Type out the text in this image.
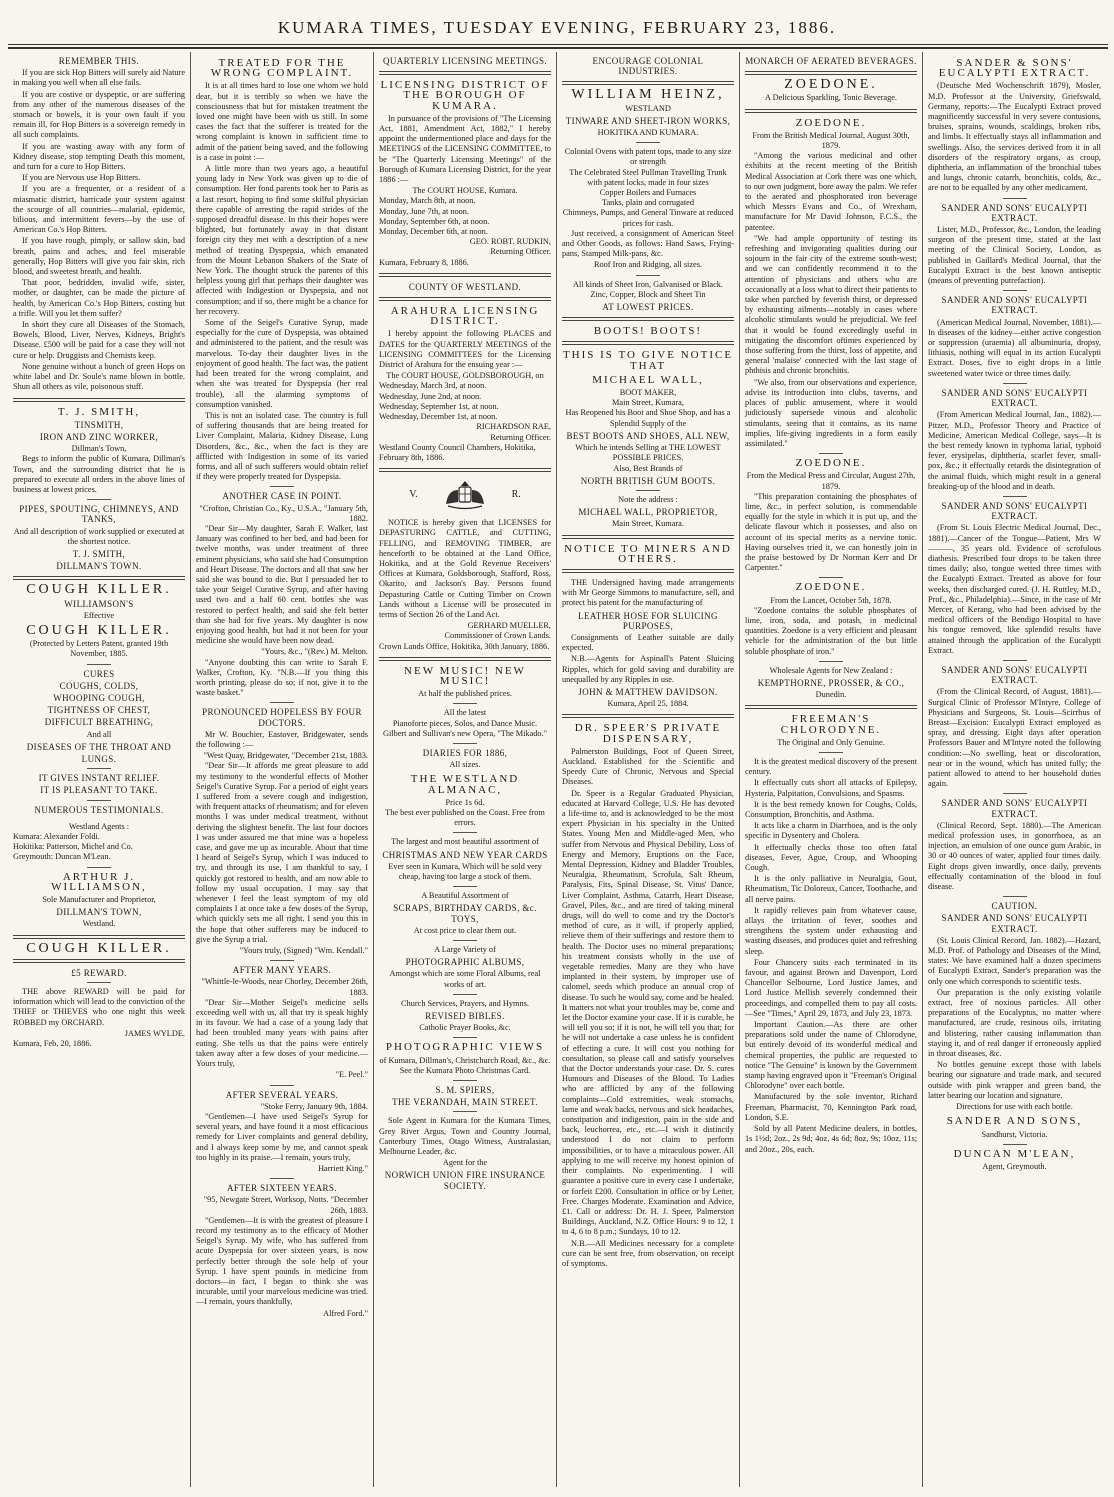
KUMARA TIMES, TUESDAY EVENING, FEBRUARY 23, 1886.
REMEMBER THIS.

If you are sick Hop Bitters will surely aid Nature in making you well when all else fails.

If you are costive or dyspeptic, or are suffering from any other of the numerous diseases of the stomach or bowels, it is your own fault if you remain ill, for Hop Bitters is a sovereign remedy in all such complaints.

If you are wasting away with any form of Kidney disease, stop tempting Death this moment, and turn for a cure to Hop Bitters.

If you are Nervous use Hop Bitters.

If you are a frequenter, or a resident of a miasmatic district, barricade your system against the scourge of all countries—malarial, epidemic, bilious, and intermittent fevers—by the use of American Co.'s Hop Bitters.

If you have rough, pimply, or sallow skin, bad breath, pains and aches, and feel miserable generally, Hop Bitters will give you fair skin, rich blood, and sweetest breath, and health.

That poor, bedridden, invalid wife, sister, mother, or daughter, can be made the picture of health, by American Co.'s Hop Bitters, costing but a trifle. Will you let them suffer?

In short they cure all Diseases of the Stomach, Bowels, Blood, Liver, Nerves, Kidneys, Bright's Disease. £500 will be paid for a case they will not cure or help. Druggists and Chemists keep.

None genuine without a bunch of green Hops on white label and Dr. Soule's name blown in bottle. Shun all others as vile, poisonous stuff.

T. J. SMITH,
TINSMITH,
IRON AND ZINC WORKER,
Dillman's Town,

Begs to inform the public of Kumara, Dillman's Town, and the surrounding district that he is prepared to execute all orders in the above lines of business at lowest prices.

PIPES, SPOUTING, CHIMNEYS, AND TANKS,
And all description of work supplied or executed at the shortest notice.
T. J. SMITH,
DILLMAN'S TOWN.
COUGH KILLER.
WILLIAMSON'S
Effective
COUGH KILLER.
(Protected by Letters Patent, granted 19th November, 1885.
CURES
COUGHS, COLDS,
WHOOPING COUGH,
TIGHTNESS OF CHEST,
DIFFICULT BREATHING,
And all
DISEASES OF THE THROAT AND
LUNGS.
IT GIVES INSTANT RELIEF.
IT IS PLEASANT TO TAKE.
NUMEROUS TESTIMONIALS.
Westland Agents :
Kumara: Alexander Foldi.
Hokitika: Patterson, Michel and Co.
Greymouth: Duncan M'Lean.
ARTHUR J. WILLIAMSON,
Sole Manufacturer and Proprietor,
DILLMAN'S TOWN,
Westland.
COUGH KILLER.
£5 REWARD.

THE above REWARD will be paid for information which will lead to the conviction of the THIEF or THIEVES who one night this week ROBBED my ORCHARD.

JAMES WYLDE.
Kumara, Feb. 20, 1886.
TREATED FOR THE WRONG COMPLAINT.

It is at all times hard to lose one whom we hold dear, but it is terribly so when we have the consciousness that but for mistaken treatment the loved one might have been with us still. In some cases the fact that the sufferer is treated for the wrong complaint is known in sufficient time to admit of the patient being saved, and the following is a case in point :—

A little more than two years ago, a beautiful young lady in New York was given up to die of consumption. Her fond parents took her to Paris as a last resort, hoping to find some skilful physician there capable of arresting the rapid strides of the supposed dreadful disease. In this their hopes were blighted, but fortunately away in that distant foreign city they met with a description of a new method of treating Dyspepsia, which emanated from the Mount Lebanon Shakers of the State of New York. The thought struck the parents of this helpless young girl that perhaps their daughter was affected with Indigestion or Dyspepsia, and not consumption; and if so, there might be a chance for her recovery.

Some of the Seigel's Curative Syrup, made especially for the cure of Dyspepsia, was obtained and administered to the patient, and the result was marvelous. To-day their daughter lives in the enjoyment of good health. The fact was, the patient had been treated for the wrong complaint, and when she was treated for Dyspepsia (her real trouble), all the alarming symptoms of consumption vanished.

This is not an isolated case. The country is full of suffering thousands that are being treated for Liver Complaint, Malaria, Kidney Disease, Lung Disorders, &c., &c., when the fact is they are afflicted with Indigestion in some of its varied forms, and all of such sufferers would obtain relief if they were properly treated for Dyspepsia.

ANOTHER CASE IN POINT.
"Crofton, Christian Co., Ky., U.S.A., "January 5th, 1882.

"Dear Sir—My daughter, Sarah F. Walker, last January was confined to her bed, and had been for twelve months, was under treatment of three eminent physicians, who said she had Consumption and Heart Disease. The doctors and all that saw her said she was bound to die. But I persuaded her to take your Seigel Curative Syrup, and after having used two and a half 60 cent. bottles she was restored to perfect health, and said she felt better than she had for five years. My daughter is now enjoying good health, but had it not been for your medicine she would have been now dead.

"Yours, &c., "(Rev.) M. Melton.

"Anyone doubting this can write to Sarah F. Walker, Crofton, Ky. "N.B.—If you thing this worth printing, please do so; if not, give it to the waste basket."

PRONOUNCED HOPELESS BY FOUR DOCTORS.

Mr W. Bouchier, Eastover, Bridgewater, sends the following :—

"West Quay, Bridgewater, "December 21st, 1883.

"Dear Sir—It affords me great pleasure to add my testimony to the wonderful effects of Mother Seigel's Curative Syrup. For a period of eight years I suffered from a severe cough and indigestion, with frequent attacks of rheumatism; and for eleven months I was under medical treatment, without deriving the slightest benefit. The last four doctors I was under assured me that mine was a hopeless case, and gave me up as incurable. About that time I heard of Seigel's Syrup, which I was induced to try, and through its use, I am thankful to say, I quickly got restored to health, and am now able to follow my usual occupation. I may say that whenever I feel the least symptom of my old complaints I at once take a few doses of the Syrup, which quickly sets me all right. I send you this in the hope that other sufferers may be induced to give the Syrup a trial.

"Yours truly, (Signed) "Wm. Kendall."
AFTER MANY YEARS.
"Whittle-le-Woods, near Chorley, December 26th, 1883.

"Dear Sir—Mother Seigel's medicine sells exceeding well with us, all that try it speak highly in its favour. We had a case of a young lady that had been troubled many years with pains after eating. She tells us that the pains were entirely taken away after a few doses of your medicine.—Yours truly,

"E. Peel."
AFTER SEVERAL YEARS.
"Stoke Ferry, January 9th, 1884.

"Gentlemen—I have used Seigel's Syrup for several years, and have found it a most efficacious remedy for Liver complaints and general debility, and I always keep some by me, and cannot speak too highly in its praise.—I remain, yours truly,

Harriett King."
AFTER SIXTEEN YEARS.
"95, Newgate Street, Worksop, Notts. "December 26th, 1883.

"Gentlemen—It is with the greatest of pleasure I record my testimony as to the efficacy of Mother Seigel's Syrup. My wife, who has suffered from acute Dyspepsia for over sixteen years, is now perfectly better through the sole help of your Syrup. I have spent pounds in medicine from doctors—in fact, I began to think she was incurable, until your marvelous medicine was tried.—I remain, yours thankfully,

Alfred Ford."
QUARTERLY LICENSING MEETINGS.
LICENSING DISTRICT OF THE BOROUGH OF KUMARA.

In pursuance of the provisions of "The Licensing Act, 1881, Amendment Act, 1882," I hereby appoint the undermentioned place and days for the MEETINGS of the LICENSING COMMITTEE, to be "The Quarterly Licensing Meetings" of the Borough of Kumara Licensing District, for the year 1886 :—

The COURT HOUSE, Kumara.
Monday, March 8th, at noon.
Monday, June 7th, at noon.
Monday, September 6th, at noon.
Monday, December 6th, at noon.
GEO. ROBT. RUDKIN,
Returning Officer.
Kumara, February 8, 1886.
COUNTY OF WESTLAND.
ARAHURA LICENSING DISTRICT.

I hereby appoint the following PLACES and DATES for the QUARTERLY MEETINGS of the LICENSING COMMITTEES for the Licensing District of Arahura for the ensuing year :—

The COURT HOUSE, GOLDSBOROUGH, on
Wednesday, March 3rd, at noon.
Wednesday, June 2nd, at noon.
Wednesday, September 1st, at noon.
Wednesday, December 1st, at noon.
RICHARDSON RAE,
Returning Officer.
Westland County Council Chambers, Hokitika, February 8th, 1886.
V.	R.

NOTICE is hereby given that LICENSES for DEPASTURING CATTLE, and CUTTING, FELLING, and REMOVING TIMBER, are henceforth to be obtained at the Land Office, Hokitika, and at the Gold Revenue Receivers' Offices at Kumara, Goldsborough, Stafford, Ross, Okarito, and Jackson's Bay. Persons found Depasturing Cattle or Cutting Timber on Crown Lands without a License will be prosecuted in terms of Section 26 of the Land Act.

GERHARD MUELLER,
Commissioner of Crown Lands.
Crown Lands Office, Hokitika, 30th January, 1886.
NEW MUSIC! NEW MUSIC!
At half the published prices.
All the latest
Pianoforte pieces, Solos, and Dance Music.
Gilbert and Sullivan's new Opera, "The Mikado."
DIARIES FOR 1886,
All sizes.
THE WESTLAND ALMANAC,
Price 1s 6d.
The best ever published on the Coast. Free from errors.
The largest and most beautiful assortment of
CHRISTMAS AND NEW YEAR CARDS
Ever seen in Kumara, Which will be sold very cheap, having too large a stock of them.
A Beautiful Assortment of
SCRAPS, BIRTHDAY CARDS, &c. TOYS,
At cost price to clear them out.
A Large Variety of
PHOTOGRAPHIC ALBUMS,
Amongst which are some Floral Albums, real works of art.
Church Services, Prayers, and Hymns.
REVISED BIBLES.
Catholic Prayer Books, &c.
PHOTOGRAPHIC VIEWS
of Kumara, Dillman's, Christchurch Road, &c., &c.
See the Kumara Photo Christmas Card.
S. M. SPIERS,
THE VERANDAH, MAIN STREET.

Sole Agent in Kumara for the Kumara Times, Grey River Argus, Town and Country Journal, Canterbury Times, Otago Witness, Australasian, Melbourne Leader, &c.

Agent for the
NORWICH UNION FIRE INSURANCE SOCIETY.
ENCOURAGE COLONIAL INDUSTRIES.
WILLIAM HEINZ,
WESTLAND
TINWARE AND SHEET-IRON WORKS,
HOKITIKA AND KUMARA.
Colonial Ovens with patent tops, made to any size or strength
The Celebrated Steel Pullman Travelling Trunk with patent locks, made in four sizes
Copper Boilers and Furnaces
Tanks, plain and corrugated
Chimneys, Pumps, and General Tinware at reduced prices for cash.

Just received, a consignment of American Steel and Other Goods, as follows: Hand Saws, Frying-pans, Stamped Milk-pans, &c.

Roof Iron and Ridging, all sizes.
All kinds of Sheet Iron, Galvanised or Black.
Zinc, Copper, Block and Sheet Tin
AT LOWEST PRICES.
BOOTS! BOOTS!
THIS IS TO GIVE NOTICE THAT
MICHAEL WALL,
BOOT MAKER,
Main Street, Kumara,
Has Reopened his Boot and Shoe Shop, and has a Splendid Supply of the
BEST BOOTS AND SHOES, ALL NEW,
Which he intends Selling at THE LOWEST POSSIBLE PRICES.
Also, Best Brands of
NORTH BRITISH GUM BOOTS.
Note the address :
MICHAEL WALL, PROPRIETOR,
Main Street, Kumara.
NOTICE TO MINERS AND OTHERS.

THE Undersigned having made arrangements with Mr George Simmons to manufacture, sell, and protect his patent for the manufacturing of

LEATHER HOSE FOR SLUICING PURPOSES,

Consignments of Leather suitable are daily expected.

N.B.—Agents for Aspinall's Patent Sluicing Ripples, which for gold saving and durability are unequalled by any Ripples in use.

JOHN & MATTHEW DAVIDSON.
Kumara, April 25, 1884.
DR. SPEER'S PRIVATE DISPENSARY,

Palmerston Buildings, Foot of Queen Street, Auckland. Established for the Scientific and Speedy Cure of Chronic, Nervous and Special Diseases.

Dr. Speer is a Regular Graduated Physician, educated at Harvard College, U.S. He has devoted a life-time to, and is acknowledged to be the most expert Physician in his specialty in the United States. Young Men and Middle-aged Men, who suffer from Nervous and Physical Debility, Loss of Energy and Memory, Eruptions on the Face, Mental Depression, Kidney and Bladder Troubles, Neuralgia, Rheumatism, Scrofula, Salt Rheum, Paralysis, Fits, Spinal Disease, St. Vitus' Dance, Liver Complaint, Asthma, Catarrh, Heart Disease, Gravel, Piles, &c., and are tired of taking mineral drugs, will do well to come and try the Doctor's method of cure, as it will, if properly applied, relieve them of their sufferings and restore them to health. The Doctor uses no mineral preparations; his treatment consists wholly in the use of vegetable remedies. Many are they who have implanted in their system, by improper use of calomel, seeds which produce an annual crop of disease. To such he would say, come and be healed. It matters not what your troubles may be, come and let the Doctor examine your case. If it is curable, he will tell you so; if it is not, he will tell you that; for he will not undertake a case unless he is confident of effecting a cure. It will cost you nothing for consultation, so please call and satisfy yourselves that the Doctor understands your case. Dr. S. cures Humours and Diseases of the Blood. To Ladies who are afflicted by any of the following complaints—Cold extremities, weak stomachs, lame and weak backs, nervous and sick headaches, constipation and indigestion, pain in the side and back, leuchorrea, etc., etc.—I wish it distinctly understood I do not claim to perform impossibilities, or to have a miraculous power. All applying to me will receive my honest opinion of their complaints. No experimenting. I will guarantee a positive cure in every case I undertake, or forfeit £200. Consultation in office or by Letter, Free. Charges Moderate. Examination and Advice, £1. Call or address: Dr. H. J. Speer, Palmerston Buildings, Auckland, N.Z. Office Hours: 9 to 12, 1 to 4, 6 to 8 p.m.; Sundays, 10 to 12.

N.B.—All Medicines necessary for a complete cure can be sent free, from observation, on receipt of symptoms.

MONARCH OF AERATED BEVERAGES.
ZOEDONE.
A Delicious Sparkling, Tonic Beverage.
ZOEDONE.
From the British Medical Journal, August 30th, 1879.

"Among the various medicinal and other exhibits at the recent meeting of the British Medical Association at Cork there was one which, to our own judgment, bore away the palm. We refer to the aerated and phosphorated iron beverage which Messrs Evans and Co., of Wrexham, manufacture for Mr David Johnson, F.C.S., the patentee.

"We had ample opportunity of testing its refreshing and invigorating qualities during our sojourn in the fair city of the extreme south-west; and we can confidently recommend it to the attention of physicians and others who are occasionally at a loss what to direct their patients to take when parched by feverish thirst, or depressed by exhausting ailments—notably in cases where alcoholic stimulants would be prejudicial. We feel that it would be found exceedingly useful in mitigating the discomfort oftimes experienced by those suffering from the thirst, loss of appetite, and general 'malaise' connected with the last stage of phthisis and chronic bronchitis.

"We also, from our observations and experience, advise its introduction into clubs, taverns, and places of public amusement, where it would judiciously supersede vinous and alcoholic stimulants, seeing that it contains, as its name implies, life-giving ingredients in a form easily assimilated."

ZOEDONE.
From the Medical Press and Circular, August 27th, 1879.

"This preparation containing the phosphates of lime, &c., in perfect solution, is commendable equally for the style in which it is put up, and the delicate flavour which it possesses, and also on account of its special merits as a nervine tonic. Having ourselves tried it, we can honestly join in the praise bestowed by Dr Norman Kerr and Dr Carpenter."

ZOEDONE.
From the Lancet, October 5th, 1878.

"Zoedone contains the soluble phosphates of lime, iron, soda, and potash, in medicinal quantities. Zoedone is a very efficient and pleasant vehicle for the administration of the but little soluble phosphate of iron."

Wholesale Agents for New Zealand :
KEMPTHORNE, PROSSER, & CO.,
Dunedin.
FREEMAN'S CHLORODYNE.
The Original and Only Genuine.

It is the greatest medical discovery of the present century.

It effectually cuts short all attacks of Epilepsy, Hysteria, Palpitation, Convulsions, and Spasms.

It is the best remedy known for Coughs, Colds, Consumption, Bronchitis, and Asthma.

It acts like a charm in Diarrhoea, and is the only specific in Dysentery and Cholera.

It effectually checks those too often fatal diseases, Fever, Ague, Croup, and Whooping Cough.

It is the only palliative in Neuralgia, Gout, Rheumatism, Tic Doloreux, Cancer, Toothache, and all nerve pains.

It rapidly relieves pain from whatever cause, allays the irritation of fever, soothes and strengthens the system under exhausting and wasting diseases, and produces quiet and refreshing sleep.

Four Chancery suits each terminated in its favour, and against Brown and Davenport, Lord Chancellor Selbourne, Lord Justice James, and Lord Justice Mellish severely condemned their proceedings, and compelled them to pay all costs.—See "Times," April 29, 1873, and July 23, 1873.

Important Caution.—As there are other preparations sold under the name of Chlorodyne, but entirely devoid of its wonderful medical and chemical properties, the public are requested to notice "The Genuine" is known by the Government stamp having engraved upon it "Freeman's Original Chlorodyne" over each bottle.

Manufactured by the sole inventor, Richard Freeman, Pharmacist, 70, Kennington Park road, London, S.E.

Sold by all Patent Medicine dealers, in bottles, 1s 1½d; 2oz., 2s 9d; 4oz, 4s 6d; 8oz, 9s; 10oz, 11s; and 20oz., 20s, each.

SANDER & SONS' EUCALYPTI EXTRACT.

(Deutsche Med Wochenschrift 1879), Mosler, M.D. Professor at the University, Griefswald, Germany, reports:—The Eucalypti Extract proved magnificently successful in very severe contusions, bruises, sprains, wounds, scaldings, broken ribs, and limbs. It effectually stays all inflammation and swellings. Also, the services derived from it in all disorders of the respiratory organs, as croup, diphtheria, an inflammation of the bronchial tubes and lungs, chronic catarrh, bronchitis, colds, &c., are not to be equalled by any other medicament.

SANDER AND SONS' EUCALYPTI EXTRACT.

Lister, M.D., Professor, &c., London, the leading surgeon of the present time, stated at the last meeting of the Clinical Society, London, as published in Gaillard's Medical Journal, that the Eucalypti Extract is the best known antiseptic (means of preventing putrefaction).

SANDER AND SONS' EUCALYPTI EXTRACT.

(American Medical Journal, November, 1881).—In diseases of the kidney—either active congestion or suppression (uraemia) all albuminuria, dropsy, lithiasis, nothing will equal in its action Eucalypti Extract. Doses, five to eight drops in a little sweetened water twice or three times daily.

SANDER AND SONS' EUCALYPTI EXTRACT.

(From American Medical Journal, Jan., 1882).—Pitzer, M.D., Professor Theory and Practice of Medicine, American Medical College, says—It is the best remedy known in typhoma larial, typhoid fever, erysipelas, diphtheria, scarlet fever, small-pox, &c.; it effectually retards the disintegration of the animal fluids, which might result in a general breaking-up of the blood and in death.

SANDER AND SONS' EUCALYPTI EXTRACT.

(From St. Louis Electric Medical Journal, Dec., 1881).—Cancer of the Tongue—Patient, Mrs W———, 35 years old. Evidence of scrofulous diathesis. Prescribed four drops to be taken three times daily; also, tongue wetted three times with the Eucalypti Extract. Treated as above for four weeks, then discharged cured. (J. H. Ruttley, M.D., Prof., &c., Philadelphia).—Since, in the case of Mr Mercer, of Kerang, who had been advised by the medical officers of the Bendigo Hospital to have his tongue removed, like splendid results have attained through the application of the Eucalypti Extract.

SANDER AND SONS' EUCALYPTI EXTRACT.

(From the Clinical Record, of August, 1881).—Surgical Clinic of Professor M'Intyre, College of Physicians and Surgeons, St. Louis—Scirrhus of Breast—Excision: Eucalypti Extract employed as spray, and dressing. Eight days after operation Professors Bauer and M'Intyre noted the following condition:—No swelling, heat or discoloration, near or in the wound, which has united fully; the patient allowed to attend to her household duties again.

SANDER AND SONS' EUCALYPTI EXTRACT.

(Clinical Record, Sept. 1880).—The American medical profession uses, in gonorrhoea, as an injection, an emulsion of one ounce gum Arabic, in 30 or 40 ounces of water, applied four times daily. Eight drops given inwardly, once daily, prevents effectually contamination of the blood in foul disease.

CAUTION.
SANDER AND SONS' EUCALYPTI EXTRACT.

(St. Louis Clinical Record, Jan. 1882).—Hazard, M.D. Prof. of Pathology and Diseases of the Mind, states: We have examined half a dozen specimens of Eucalypti Extract, Sander's preparation was the only one which corresponds to scientific tests.

Our preparation is the only existing volatile extract, free of noxious particles. All other preparations of the Eucalyptus, no matter where manufactured, are crude, resinous oils, irritating and blistering, rather causing inflammation than staying it, and of real danger if erroneously applied in throat diseases, &c.

No bottles genuine except those with labels bearing our signature and trade mark, and secured outside with pink wrapper and green band, the latter bearing our location and signature.

Directions for use with each bottle.
SANDER AND SONS,
Sandhurst, Victoria.
DUNCAN M'LEAN,
Agent, Greymouth.
